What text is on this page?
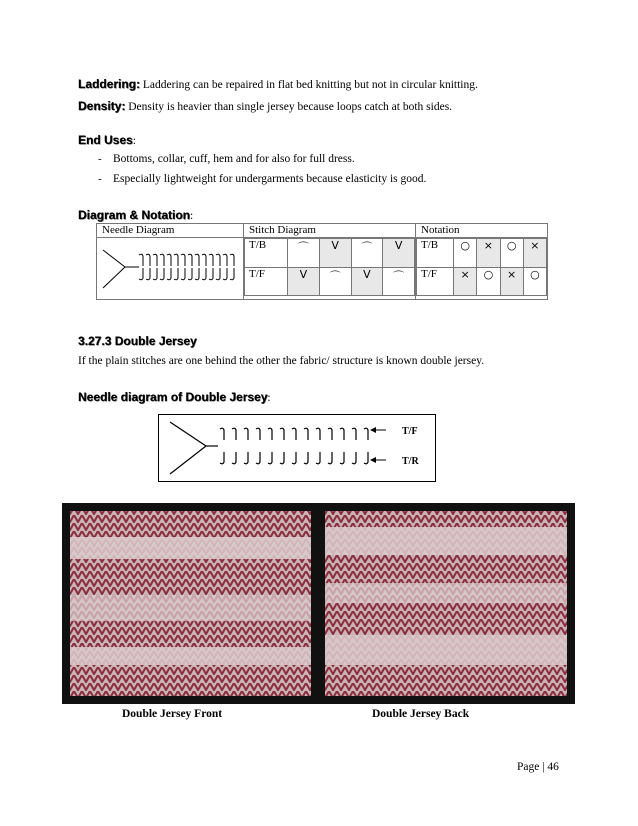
Laddering: Laddering can be repaired in flat bed knitting but not in circular knitting.
Density: Density is heavier than single jersey because loops catch at both sides.
End Uses:
- Bottoms, collar, cuff, hem and for also for full dress.
- Especially lightweight for undergarments because elasticity is good.
Diagram & Notation:
Needle Diagram	Stitch Diagram	Notation

T/B	⌒	V	⌒	V
T/F	V	⌒	V	⌒

T/B	○	×	○	×
T/F	×	○	×	○
3.27.3 Double Jersey
If the plain stitches are one behind the other the fabric/ structure is known double jersey.
Needle diagram of Double Jersey:
T/F
T/R
Double Jersey Front	Double Jersey Back
Page | 46
